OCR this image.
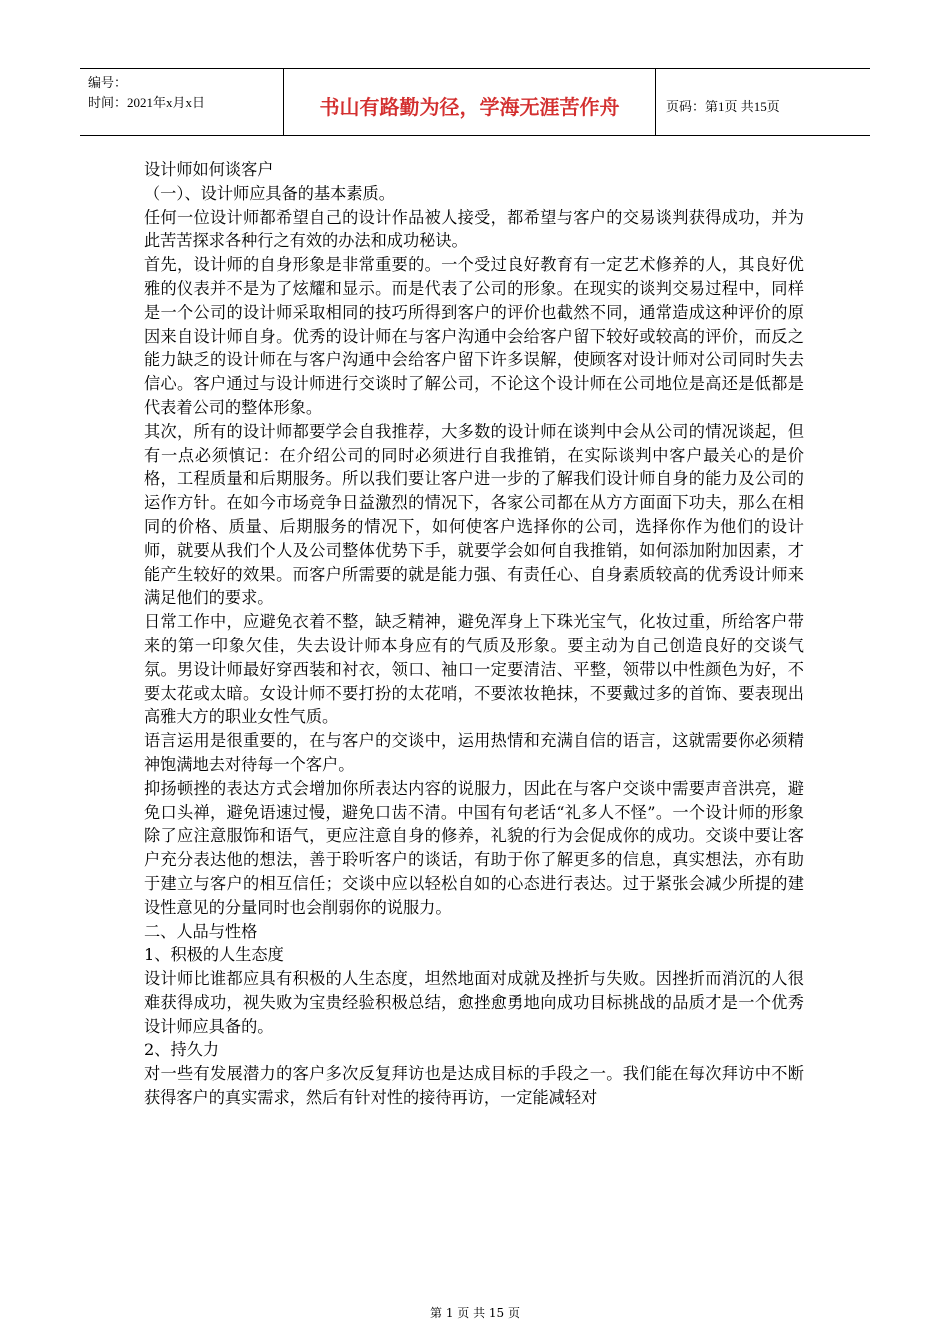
编号：
时间：2021年x月x日	书山有路勤为径，学海无涯苦作舟	页码：第1页 共15页

设计师如何谈客户

（一）、设计师应具备的基本素质。

任何一位设计师都希望自己的设计作品被人接受，都希望与客户的交易谈判获得成功，并为此苦苦探求各种行之有效的办法和成功秘诀。

首先，设计师的自身形象是非常重要的。一个受过良好教育有一定艺术修养的人，其良好优雅的仪表并不是为了炫耀和显示。而是代表了公司的形象。在现实的谈判交易过程中，同样是一个公司的设计师采取相同的技巧所得到客户的评价也截然不同，通常造成这种评价的原因来自设计师自身。优秀的设计师在与客户沟通中会给客户留下较好或较高的评价，而反之能力缺乏的设计师在与客户沟通中会给客户留下许多误解，使顾客对设计师对公司同时失去信心。客户通过与设计师进行交谈时了解公司，不论这个设计师在公司地位是高还是低都是代表着公司的整体形象。

其次，所有的设计师都要学会自我推荐，大多数的设计师在谈判中会从公司的情况谈起，但有一点必须慎记：在介绍公司的同时必须进行自我推销，在实际谈判中客户最关心的是价格，工程质量和后期服务。所以我们要让客户进一步的了解我们设计师自身的能力及公司的运作方针。在如今市场竞争日益激烈的情况下，各家公司都在从方方面面下功夫，那么在相同的价格、质量、后期服务的情况下，如何使客户选择你的公司，选择你作为他们的设计师，就要从我们个人及公司整体优势下手，就要学会如何自我推销，如何添加附加因素，才能产生较好的效果。而客户所需要的就是能力强、有责任心、自身素质较高的优秀设计师来满足他们的要求。

日常工作中，应避免衣着不整，缺乏精神，避免浑身上下珠光宝气，化妆过重，所给客户带来的第一印象欠佳，失去设计师本身应有的气质及形象。要主动为自己创造良好的交谈气氛。男设计师最好穿西装和衬衣，领口、袖口一定要清洁、平整，领带以中性颜色为好，不要太花或太暗。女设计师不要打扮的太花哨，不要浓妆艳抹，不要戴过多的首饰、要表现出高雅大方的职业女性气质。

语言运用是很重要的，在与客户的交谈中，运用热情和充满自信的语言，这就需要你必须精神饱满地去对待每一个客户。

抑扬顿挫的表达方式会增加你所表达内容的说服力，因此在与客户交谈中需要声音洪亮，避免口头禅，避免语速过慢，避免口齿不清。中国有句老话“礼多人不怪”。一个设计师的形象除了应注意服饰和语气，更应注意自身的修养，礼貌的行为会促成你的成功。交谈中要让客户充分表达他的想法，善于聆听客户的谈话，有助于你了解更多的信息，真实想法，亦有助于建立与客户的相互信任；交谈中应以轻松自如的心态进行表达。过于紧张会减少所提的建设性意见的分量同时也会削弱你的说服力。

二、人品与性格

1、积极的人生态度

设计师比谁都应具有积极的人生态度，坦然地面对成就及挫折与失败。因挫折而消沉的人很难获得成功，视失败为宝贵经验积极总结，愈挫愈勇地向成功目标挑战的品质才是一个优秀设计师应具备的。

2、持久力

对一些有发展潜力的客户多次反复拜访也是达成目标的手段之一。我们能在每次拜访中不断获得客户的真实需求，然后有针对性的接待再访，一定能减轻对

第 1 页 共 15 页
